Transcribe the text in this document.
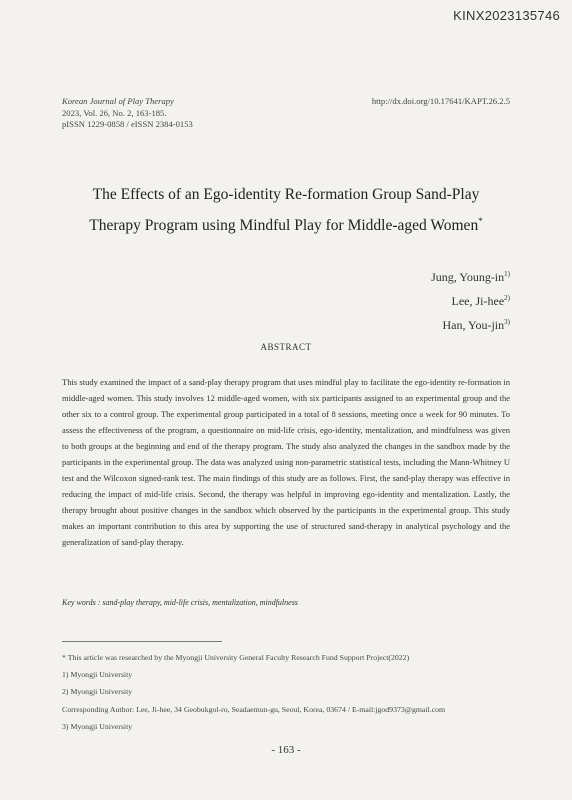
KINX2023135746
Korean Journal of Play Therapy
2023, Vol. 26, No. 2, 163-185.
pISSN 1229-0858 / eISSN 2384-0153
http://dx.doi.org/10.17641/KAPT.26.2.5
The Effects of an Ego-identity Re-formation Group Sand-Play
Therapy Program using Mindful Play for Middle-aged Women*
Jung, Young-$in^{1)}$
Lee, Ji-hee$^{2)}$
Han, You-jin$^{3)}$
ABSTRACT
This study examined the impact of a sand-play therapy program that uses mindful play to facilitate the ego-identity re-formation in middle-aged women. This study involves 12 middle-aged women, with six participants assigned to an experimental group and the other six to a control group. The experimental group participated in a total of 8 sessions, meeting once a week for 90 minutes. To assess the effectiveness of the program, a questionnaire on mid-life crisis, ego-identity, mentalization, and mindfulness was given to both groups at the beginning and end of the therapy program. The study also analyzed the changes in the sandbox made by the participants in the experimental group. The data was analyzed using non-parametric statistical tests, including the Mann-Whitney U test and the Wilcoxon signed-rank test. The main findings of this study are as follows. First, the sand-play therapy was effective in reducing the impact of mid-life crisis. Second, the therapy was helpful in improving ego-identity and mentalization. Lastly, the therapy brought about positive changes in the sandbox which observed by the participants in the experimental group. This study makes an important contribution to this area by supporting the use of structured sand-therapy in analytical psychology and the generalization of sand-play therapy.
Key words : sand-play therapy, mid-life crisis, mentalization, mindfulness
* This article was researched by the Myongji University General Faculty Research Fund Support Project(2022)
1) Myongji University
2) Myongji University
Corresponding Author: Lee, Ji-hee, 34 Geobukgol-ro, Seadaemun-gu, Seoul, Korea, 03674 / E-mail:jgod9373@gmail.com
3) Myongji University
- 163 -
